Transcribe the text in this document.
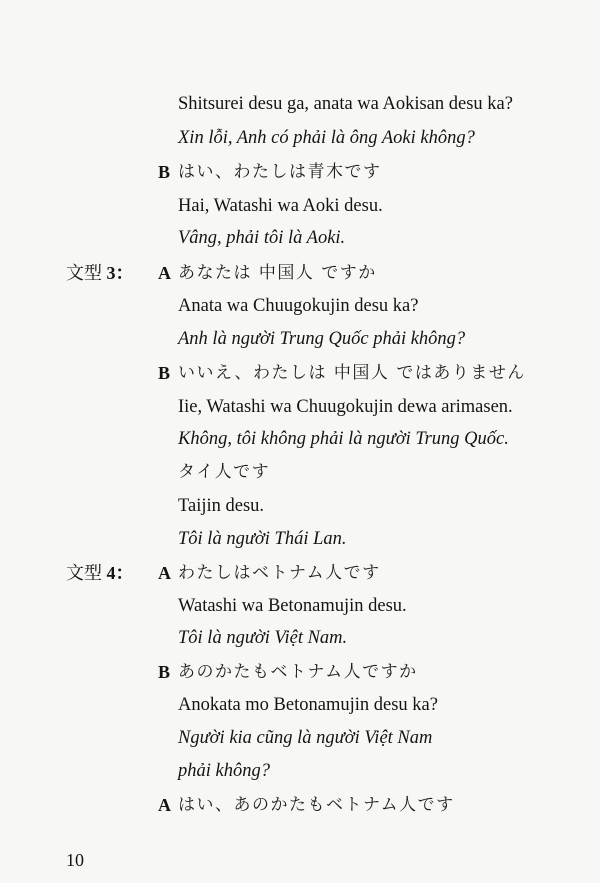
Shitsurei desu ga, anata wa Aokisan desu ka?
Xin lỗi, Anh có phải là ông Aoki không?
B はい、わたしは青木です
Hai, Watashi wa Aoki desu.
Vâng, phải tôi là Aoki.
文型 3： A あなたは 中国人 ですか
Anata wa Chuugokujin desu ka?
Anh là người Trung Quốc phải không?
B いいえ、わたしは 中国人 ではありません
Iie, Watashi wa Chuugokujin dewa arimasen.
Không, tôi không phải là người Trung Quốc.
タイ人です
Taijin desu.
Tôi là người Thái Lan.
文型 4： A わたしはベトナム人です
Watashi wa Betonamujin desu.
Tôi là người Việt Nam.
B あのかたもベトナム人ですか
Anokata mo Betonamujin desu ka?
Người kia cũng là người Việt Nam
phải không?
A はい、あのかたもベトナム人です
10
